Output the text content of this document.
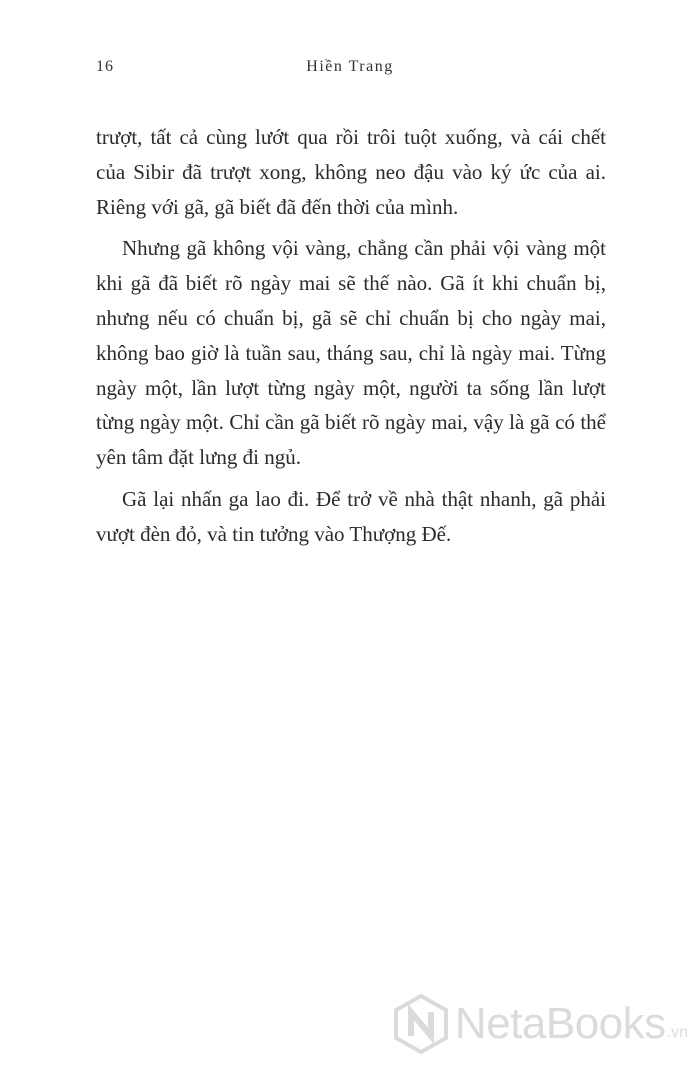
16	Hiền Trang

trượt, tất cả cùng lướt qua rồi trôi tuột xuống, và cái chết của Sibir đã trượt xong, không neo đậu vào ký ức của ai. Riêng với gã, gã biết đã đến thời của mình.

Nhưng gã không vội vàng, chẳng cần phải vội vàng một khi gã đã biết rõ ngày mai sẽ thế nào. Gã ít khi chuẩn bị, nhưng nếu có chuẩn bị, gã sẽ chỉ chuẩn bị cho ngày mai, không bao giờ là tuần sau, tháng sau, chỉ là ngày mai. Từng ngày một, lần lượt từng ngày một, người ta sống lần lượt từng ngày một. Chỉ cần gã biết rõ ngày mai, vậy là gã có thể yên tâm đặt lưng đi ngủ.

Gã lại nhấn ga lao đi. Để trở về nhà thật nhanh, gã phải vượt đèn đỏ, và tin tưởng vào Thượng Đế.

NetaBooks .vn
